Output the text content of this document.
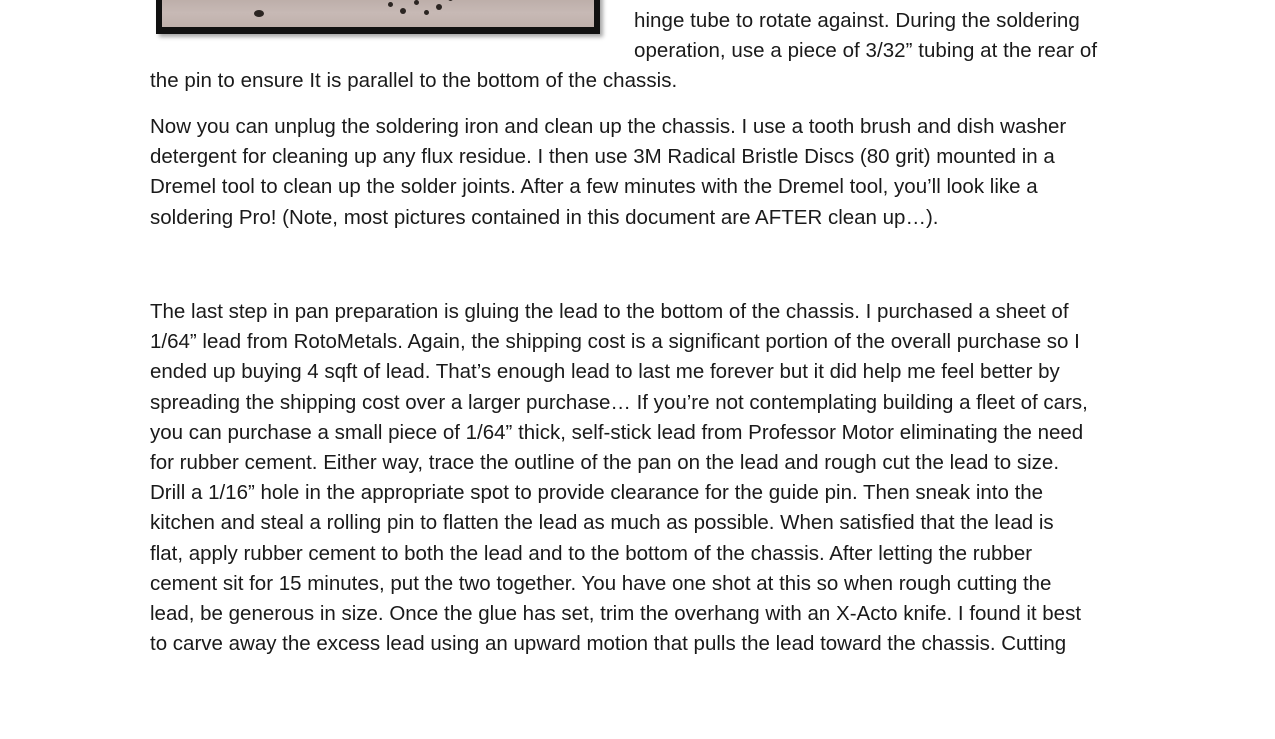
hinge tube to rotate against. During the soldering
operation, use a piece of 3/32” tubing at the rear of
the pin to ensure It is parallel to the bottom of the chassis.
Now you can unplug the soldering iron and clean up the chassis. I use a tooth brush and dish washer
detergent for cleaning up any flux residue. I then use 3M Radical Bristle Discs (80 grit) mounted in a
Dremel tool to clean up the solder joints. After a few minutes with the Dremel tool, you’ll look like a
soldering Pro! (Note, most pictures contained in this document are AFTER clean up…).
The last step in pan preparation is gluing the lead to the bottom of the chassis. I purchased a sheet of
1/64” lead from RotoMetals. Again, the shipping cost is a significant portion of the overall purchase so I
ended up buying 4 sqft of lead. That’s enough lead to last me forever but it did help me feel better by
spreading the shipping cost over a larger purchase… If you’re not contemplating building a fleet of cars,
you can purchase a small piece of 1/64” thick, self-stick lead from Professor Motor eliminating the need
for rubber cement. Either way, trace the outline of the pan on the lead and rough cut the lead to size.
Drill a 1/16” hole in the appropriate spot to provide clearance for the guide pin. Then sneak into the
kitchen and steal a rolling pin to flatten the lead as much as possible. When satisfied that the lead is
flat, apply rubber cement to both the lead and to the bottom of the chassis. After letting the rubber
cement sit for 15 minutes, put the two together. You have one shot at this so when rough cutting the
lead, be generous in size. Once the glue has set, trim the overhang with an X-Acto knife. I found it best
to carve away the excess lead using an upward motion that pulls the lead toward the chassis. Cutting
